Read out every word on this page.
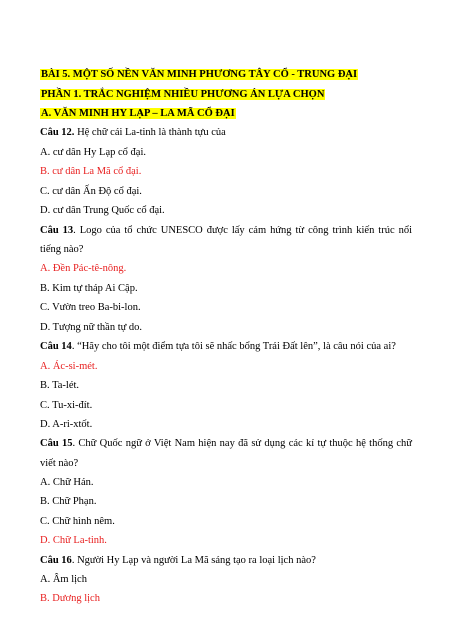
BÀI 5. MỘT SỐ NỀN VĂN MINH PHƯƠNG TÂY CỔ - TRUNG ĐẠI
PHẦN 1. TRẮC NGHIỆM NHIỀU PHƯƠNG ÁN LỰA CHỌN
A. VĂN MINH HY LẠP – LA MÃ CỔ ĐẠI
Câu 12. Hệ chữ cái La-tinh là thành tựu của
A. cư dân Hy Lạp cổ đại.
B. cư dân La Mã cổ đại.
C. cư dân Ấn Độ cổ đại.
D. cư dân Trung Quốc cổ đại.
Câu 13. Logo của tổ chức UNESCO được lấy cảm hứng từ công trình kiến trúc nổi
tiếng nào?
A. Đền Pác-tê-nông.
B. Kim tự tháp Ai Cập.
C. Vườn treo Ba-bi-lon.
D. Tượng nữ thần tự do.
Câu 14. “Hãy cho tôi một điểm tựa tôi sẽ nhấc bổng Trái Đất lên”, là câu nói của ai?
A. Ác-si-mét.
B. Ta-lét.
C. Tu-xi-đít.
D. A-ri-xtốt.
Câu 15. Chữ Quốc ngữ ở Việt Nam hiện nay đã sử dụng các kí tự thuộc hệ thống chữ
viết nào?
A. Chữ Hán.
B. Chữ Phạn.
C. Chữ hình nêm.
D. Chữ La-tinh.
Câu 16. Người Hy Lạp và người La Mã sáng tạo ra loại lịch nào?
A. Âm lịch
B. Dương lịch
